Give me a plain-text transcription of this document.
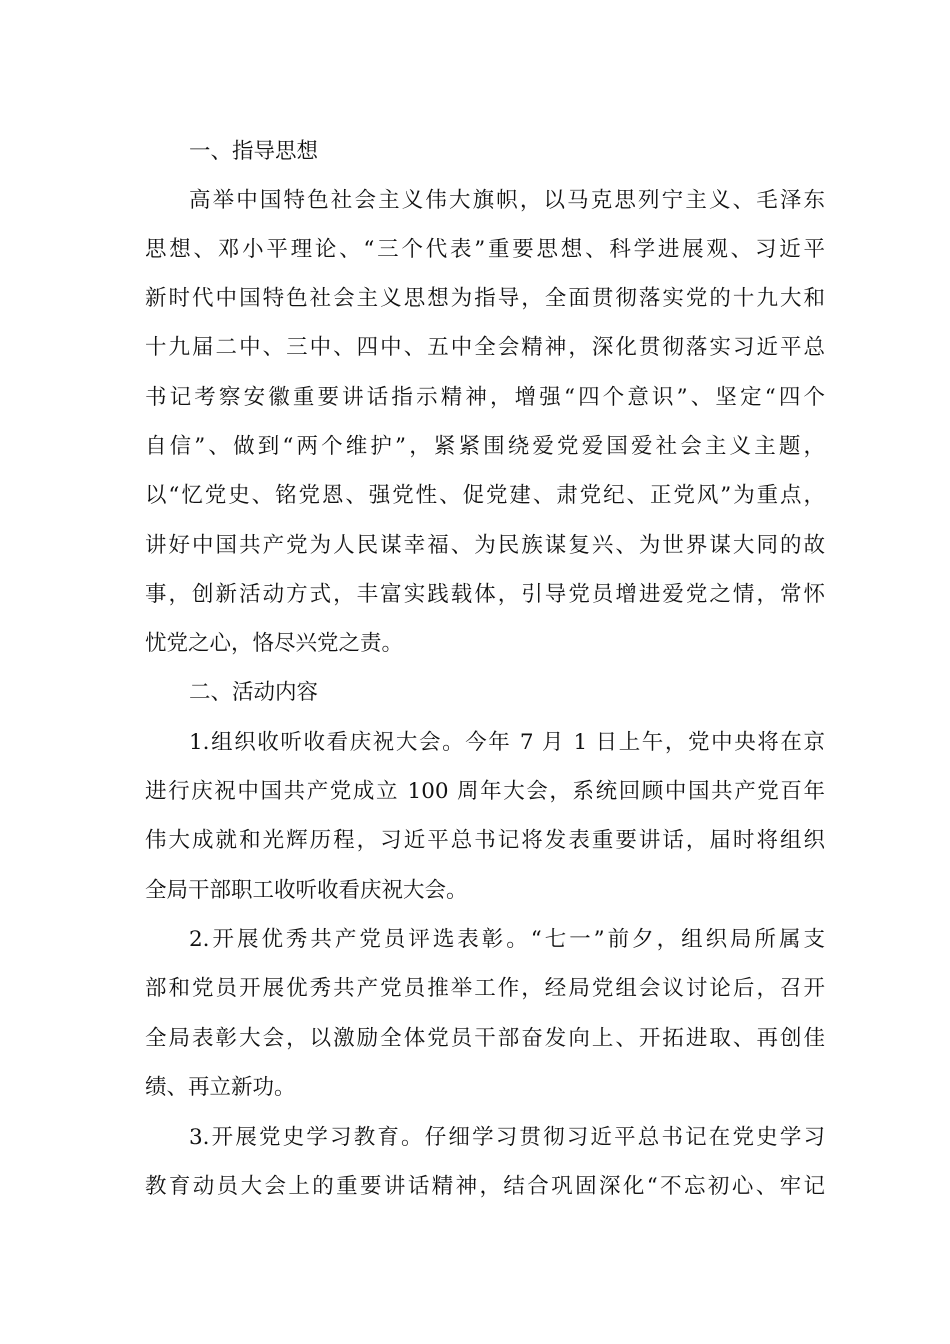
一、指导思想
高举中国特色社会主义伟大旗帜，以马克思列宁主义、毛泽东
思想、邓小平理论、“三个代表”重要思想、科学进展观、习近平
新时代中国特色社会主义思想为指导，全面贯彻落实党的十九大和
十九届二中、三中、四中、五中全会精神，深化贯彻落实习近平总
书记考察安徽重要讲话指示精神，增强“四个意识”、坚定“四个
自信”、做到“两个维护”，紧紧围绕爱党爱国爱社会主义主题，
以“忆党史、铭党恩、强党性、促党建、肃党纪、正党风”为重点，
讲好中国共产党为人民谋幸福、为民族谋复兴、为世界谋大同的故
事，创新活动方式，丰富实践载体，引导党员增进爱党之情，常怀
忧党之心，恪尽兴党之责。
二、活动内容
1.组织收听收看庆祝大会。今年 7 月 1 日上午，党中央将在京
进行庆祝中国共产党成立 100 周年大会，系统回顾中国共产党百年
伟大成就和光辉历程，习近平总书记将发表重要讲话，届时将组织
全局干部职工收听收看庆祝大会。
2.开展优秀共产党员评选表彰。“七一”前夕，组织局所属支
部和党员开展优秀共产党员推举工作，经局党组会议讨论后，召开
全局表彰大会，以激励全体党员干部奋发向上、开拓进取、再创佳
绩、再立新功。
3.开展党史学习教育。仔细学习贯彻习近平总书记在党史学习
教育动员大会上的重要讲话精神，结合巩固深化“不忘初心、牢记
